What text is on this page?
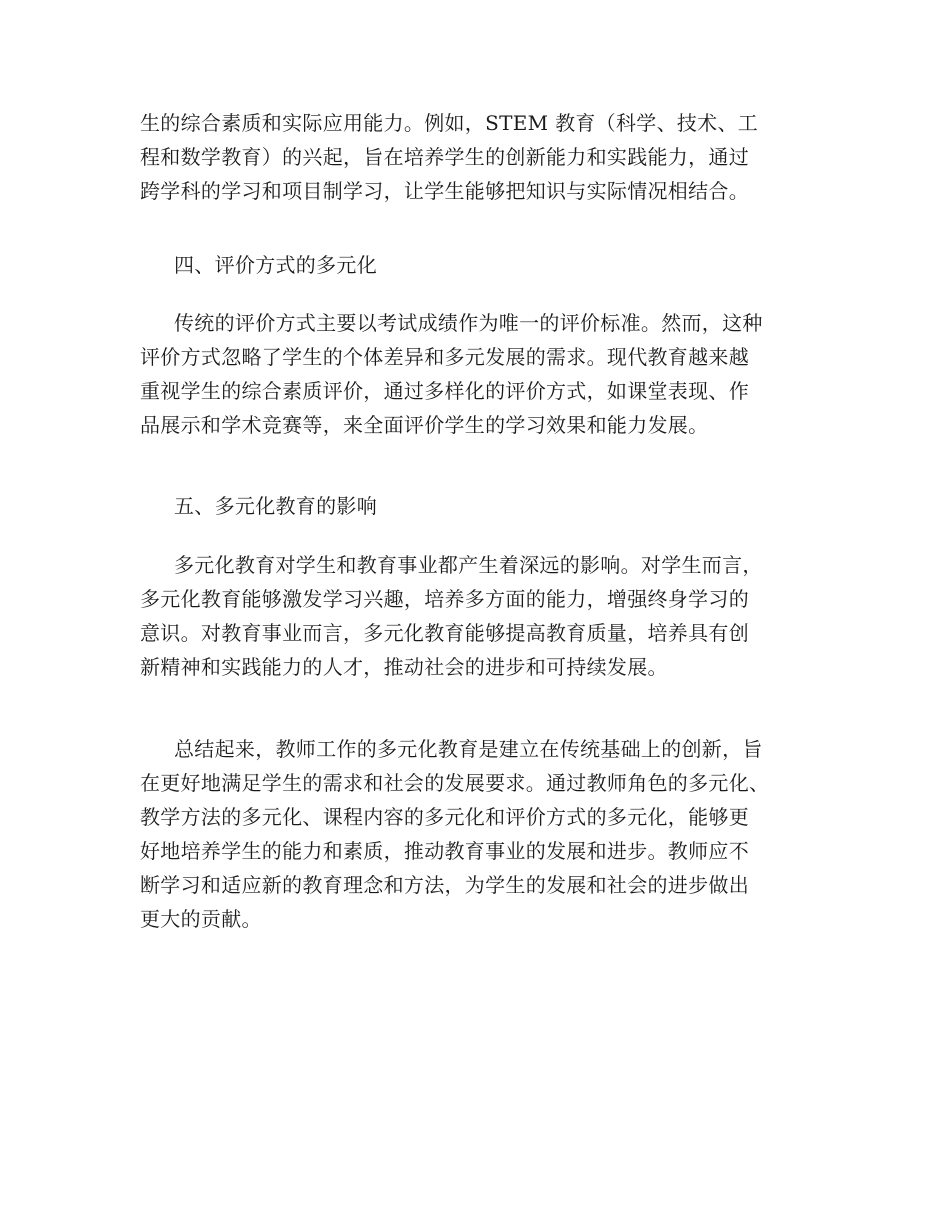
生的综合素质和实际应用能力。例如，STEM 教育（科学、技术、工
程和数学教育）的兴起，旨在培养学生的创新能力和实践能力，通过
跨学科的学习和项目制学习，让学生能够把知识与实际情况相结合。
四、评价方式的多元化
传统的评价方式主要以考试成绩作为唯一的评价标准。然而，这种
评价方式忽略了学生的个体差异和多元发展的需求。现代教育越来越
重视学生的综合素质评价，通过多样化的评价方式，如课堂表现、作
品展示和学术竞赛等，来全面评价学生的学习效果和能力发展。
五、多元化教育的影响
多元化教育对学生和教育事业都产生着深远的影响。对学生而言，
多元化教育能够激发学习兴趣，培养多方面的能力，增强终身学习的
意识。对教育事业而言，多元化教育能够提高教育质量，培养具有创
新精神和实践能力的人才，推动社会的进步和可持续发展。
总结起来，教师工作的多元化教育是建立在传统基础上的创新，旨
在更好地满足学生的需求和社会的发展要求。通过教师角色的多元化、
教学方法的多元化、课程内容的多元化和评价方式的多元化，能够更
好地培养学生的能力和素质，推动教育事业的发展和进步。教师应不
断学习和适应新的教育理念和方法，为学生的发展和社会的进步做出
更大的贡献。
